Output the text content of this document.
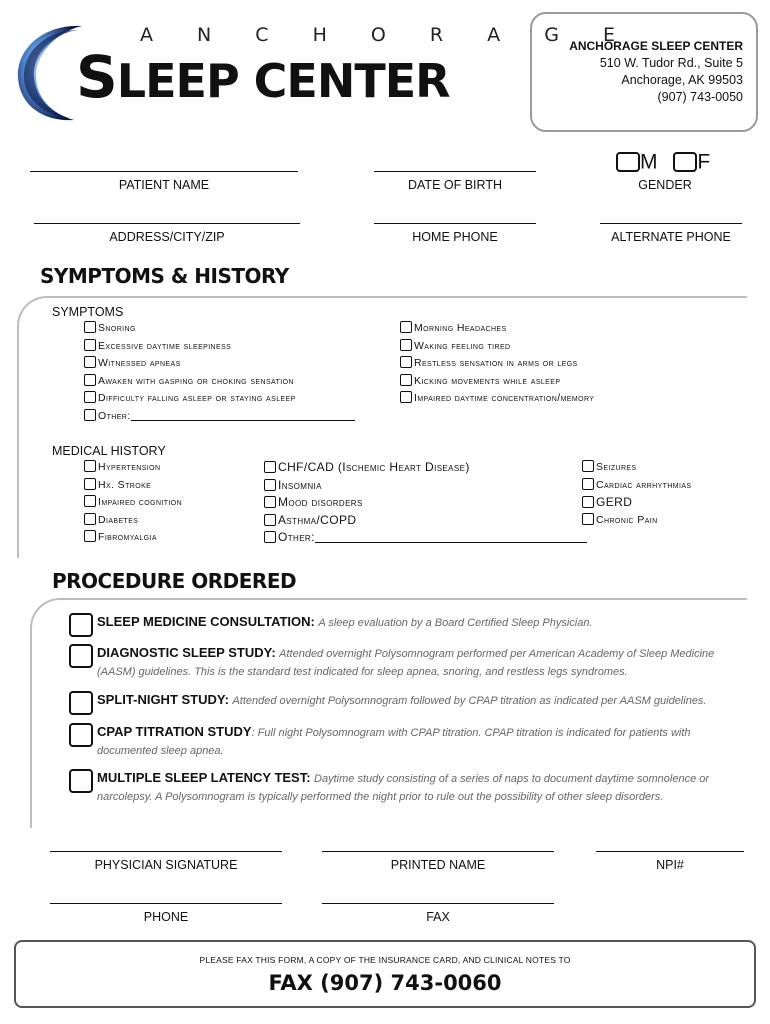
A N C H O R A G E
SLEEP CENTER
ANCHORAGE SLEEP CENTER
510 W. Tudor Rd., Suite 5
Anchorage, AK 99503
(907) 743-0050
PATIENT NAME	DATE OF BIRTH
M F
GENDER
ADDRESS/CITY/ZIP	HOME PHONE	ALTERNATE PHONE
SYMPTOMS & HISTORY
SYMPTOMS
Snoring
Excessive daytime sleepiness
Witnessed apneas
Awaken with gasping or choking sensation
Difficulty falling asleep or staying asleep
Other:
Morning Headaches
Waking feeling tired
Restless sensation in arms or legs
Kicking movements while asleep
Impaired daytime concentration/memory
MEDICAL HISTORY
Hypertension
Hx. Stroke
Impaired cognition
Diabetes
Fibromyalgia
CHF/CAD (Ischemic Heart Disease)
Insomnia
Mood disorders
Asthma/COPD
Other:
Seizures
Cardiac arrhythmias
GERD
Chronic Pain
PROCEDURE ORDERED
SLEEP MEDICINE CONSULTATION: A sleep evaluation by a Board Certified Sleep Physician.
DIAGNOSTIC SLEEP STUDY: Attended overnight Polysomnogram performed per American Academy of Sleep Medicine (AASM) guidelines. This is the standard test indicated for sleep apnea, snoring, and restless legs syndromes.
SPLIT-NIGHT STUDY: Attended overnight Polysomnogram followed by CPAP titration as indicated per AASM guidelines.
CPAP TITRATION STUDY: Full night Polysomnogram with CPAP titration. CPAP titration is indicated for patients with documented sleep apnea.
MULTIPLE SLEEP LATENCY TEST: Daytime study consisting of a series of naps to document daytime somnolence or narcolepsy. A Polysomnogram is typically performed the night prior to rule out the possibility of other sleep disorders.
PHYSICIAN SIGNATURE	PRINTED NAME	NPI#
PHONE	FAX
PLEASE FAX THIS FORM, A COPY OF THE INSURANCE CARD, AND CLINICAL NOTES TO
FAX (907) 743-0060
